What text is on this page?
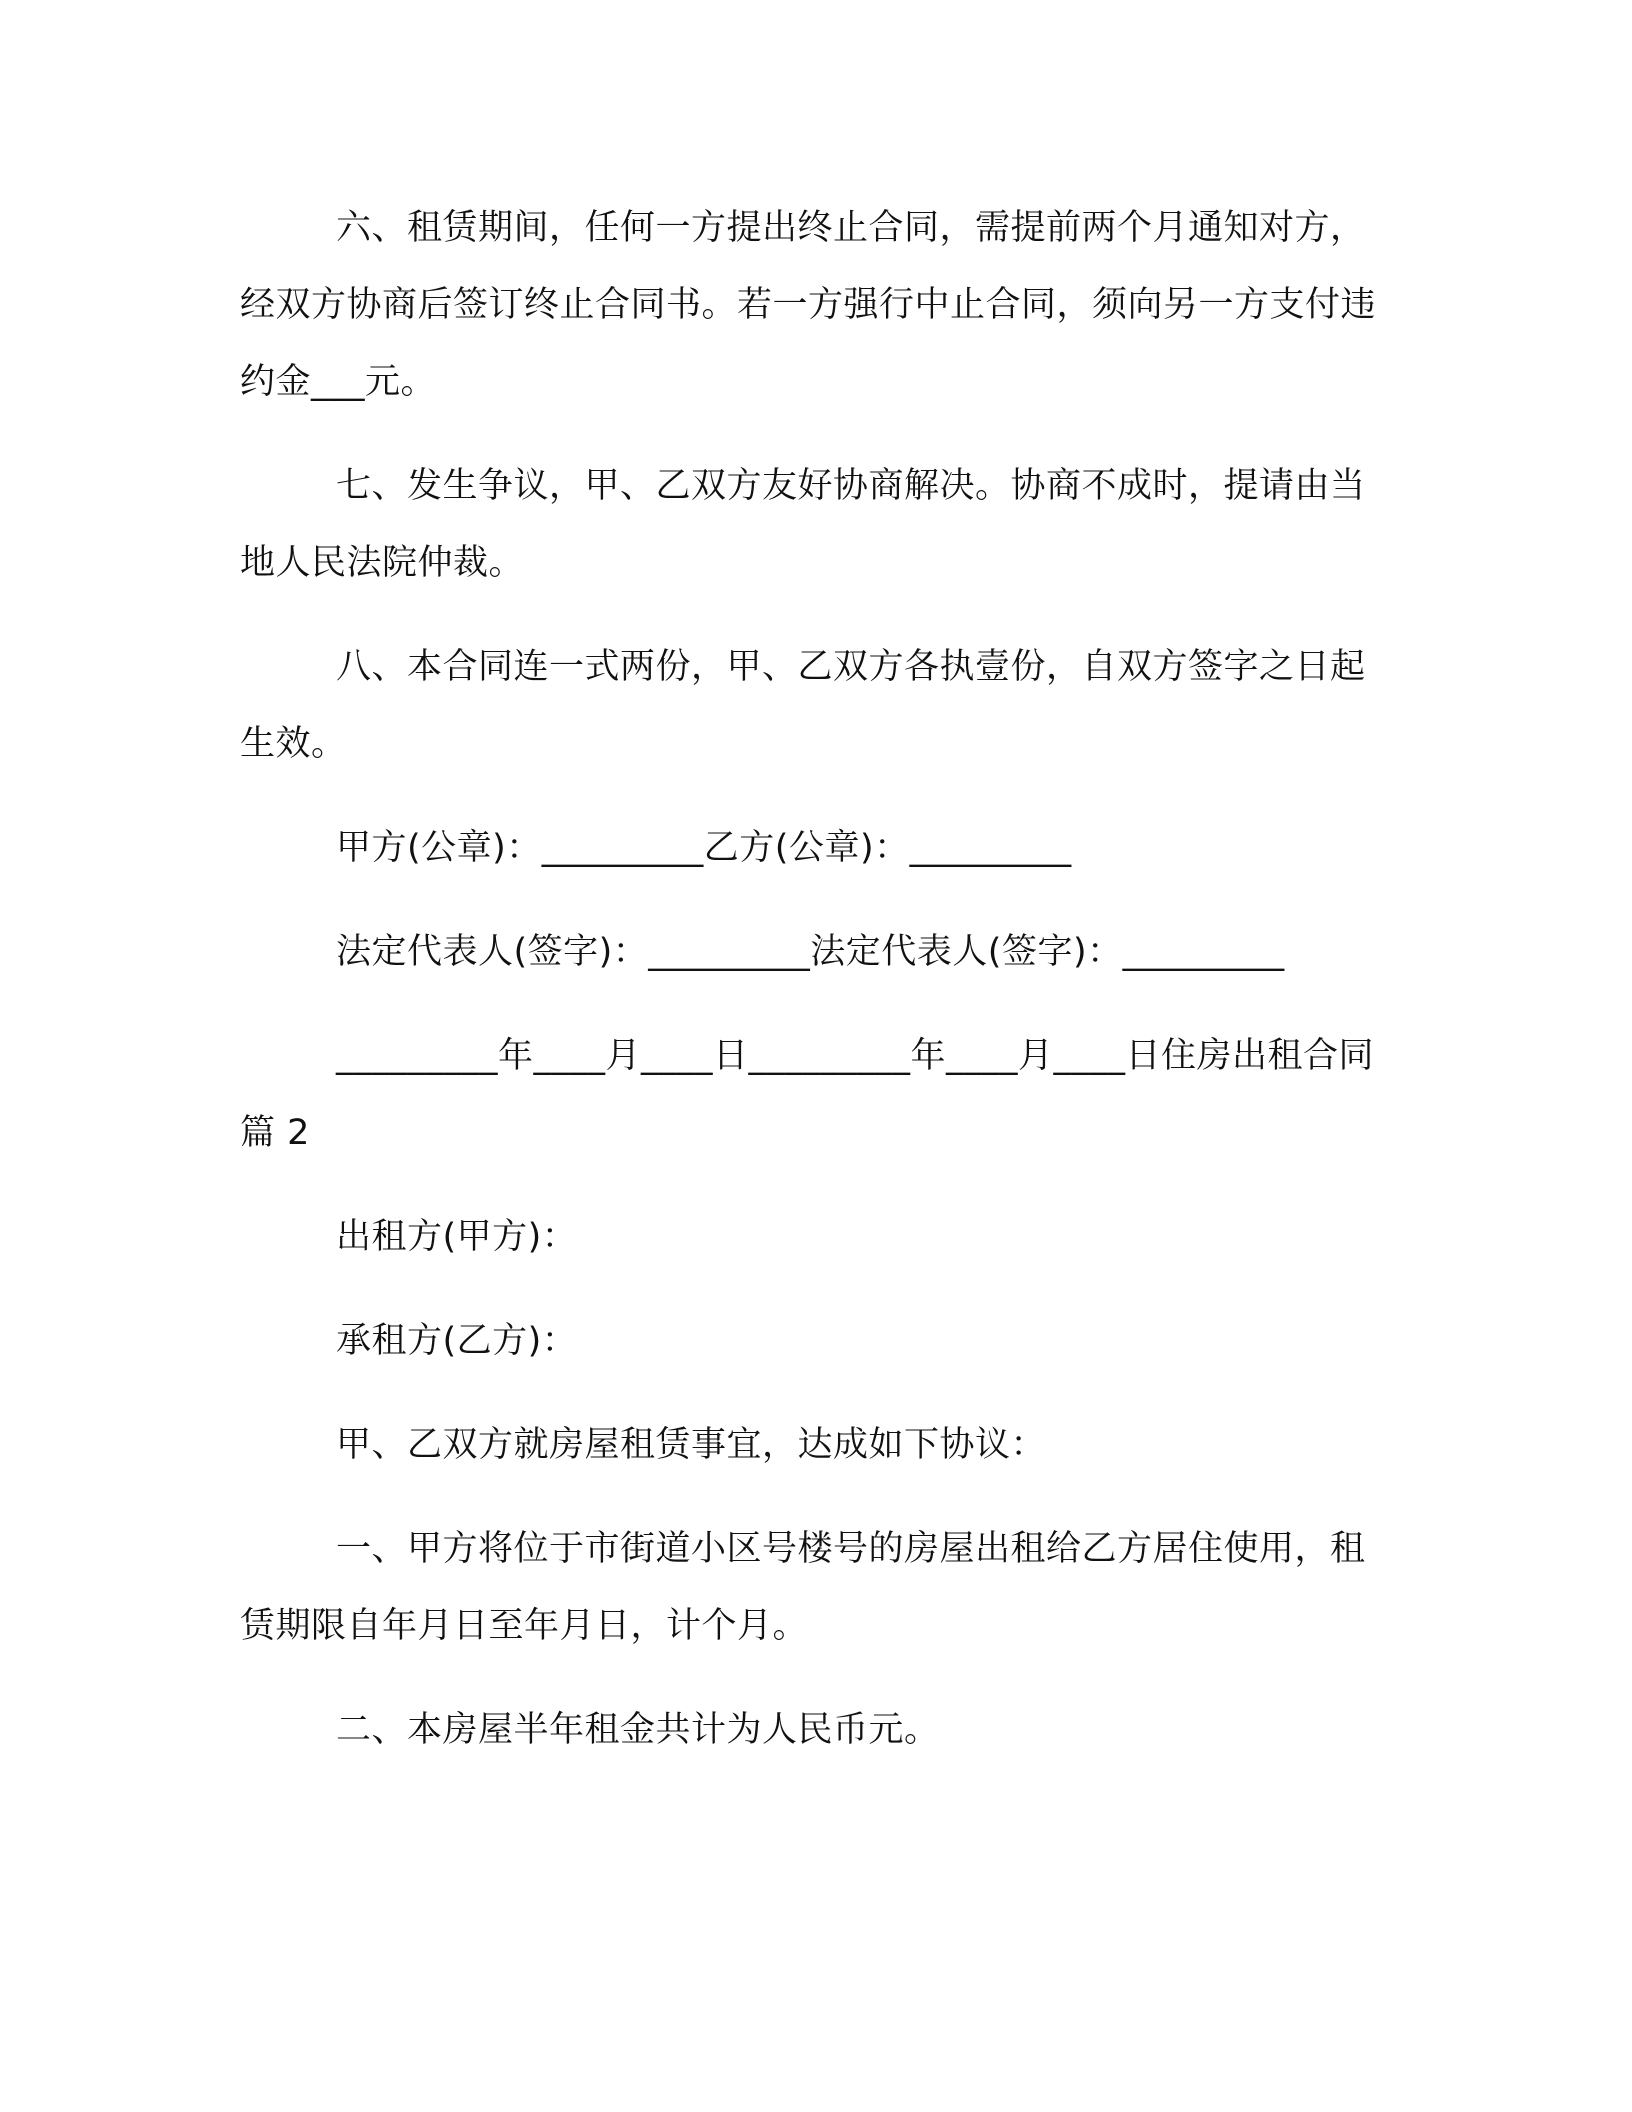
六、租赁期间，任何一方提出终止合同，需提前两个月通知对方，经双方协商后签订终止合同书。若一方强行中止合同，须向另一方支付违约金___元。

七、发生争议，甲、乙双方友好协商解决。协商不成时，提请由当地人民法院仲裁。

八、本合同连一式两份，甲、乙双方各执壹份，自双方签字之日起生效。

甲方(公章)：_________乙方(公章)：_________

法定代表人(签字)：_________法定代表人(签字)：_________

_________年____月____日_________年____月____日住房出租合同 篇 2

出租方(甲方)：

承租方(乙方)：

甲、乙双方就房屋租赁事宜，达成如下协议：

一、甲方将位于市街道小区号楼号的房屋出租给乙方居住使用，租赁期限自年月日至年月日，计个月。

二、本房屋半年租金共计为人民币元。
